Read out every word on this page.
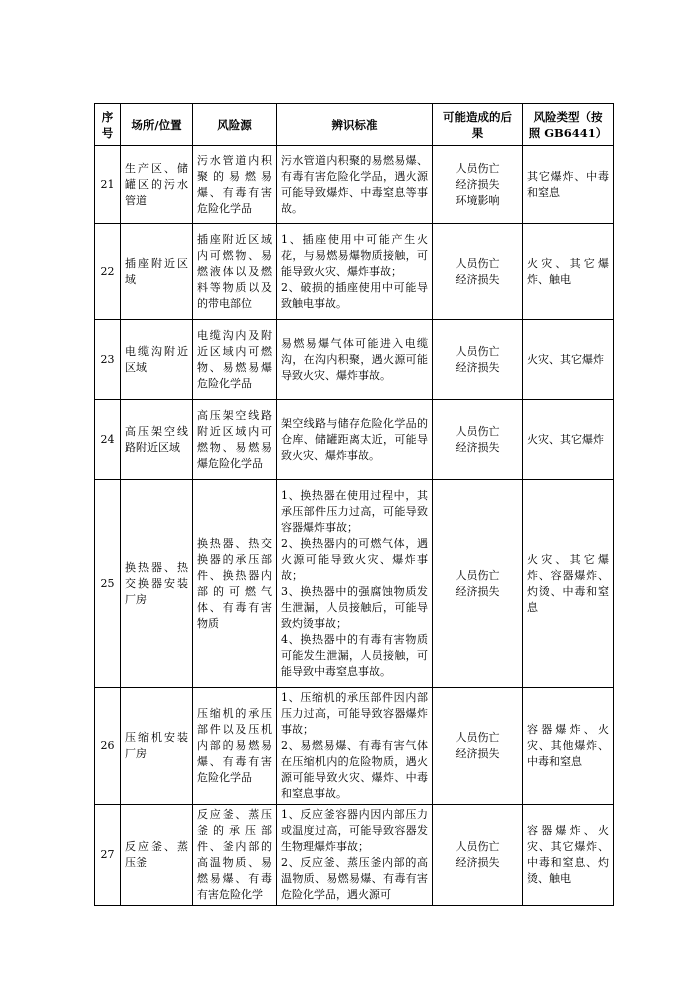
序
号	场所/位置	风险源	辨识标准	可能造成的后
果	风险类型（按
照 GB6441）
21	生产区、储罐区的污水管道	污水管道内积聚的易燃易爆、有毒有害危险化学品	污水管道内积聚的易燃易爆、有毒有害危险化学品，遇火源可能导致爆炸、中毒窒息等事故。	人员伤亡
经济损失
环境影响	其它爆炸、中毒和窒息
22	插座附近区域	插座附近区域内可燃物、易燃液体以及燃料等物质以及的带电部位	1、插座使用中可能产生火花，与易燃易爆物质接触，可能导致火灾、爆炸事故；
2、破损的插座使用中可能导致触电事故。	人员伤亡
经济损失	火灾、其它爆炸、触电
23	电缆沟附近区域	电缆沟内及附近区域内可燃物、易燃易爆危险化学品	易燃易爆气体可能进入电缆沟，在沟内积聚，遇火源可能导致火灾、爆炸事故。	人员伤亡
经济损失	火灾、其它爆炸
24	高压架空线路附近区域	高压架空线路附近区域内可燃物、易燃易爆危险化学品	架空线路与储存危险化学品的仓库、储罐距离太近，可能导致火灾、爆炸事故。	人员伤亡
经济损失	火灾、其它爆炸
25	换热器、热交换器安装厂房	换热器、热交换器的承压部件、换热器内部的可燃气体、有毒有害物质	1、换热器在使用过程中，其承压部件压力过高，可能导致容器爆炸事故；
2、换热器内的可燃气体，遇火源可能导致火灾、爆炸事故；
3、换热器中的强腐蚀物质发生泄漏，人员接触后，可能导致灼烫事故；
4、换热器中的有毒有害物质可能发生泄漏，人员接触，可能导致中毒窒息事故。	人员伤亡
经济损失	火灾、其它爆炸、容器爆炸、灼烫、中毒和窒息
26	压缩机安装厂房	压缩机的承压部件以及压机内部的易燃易爆、有毒有害危险化学品	1、压缩机的承压部件因内部压力过高，可能导致容器爆炸事故；
2、易燃易爆、有毒有害气体在压缩机内的危险物质，遇火源可能导致火灾、爆炸、中毒和窒息事故。	人员伤亡
经济损失	容器爆炸、火灾、其他爆炸、中毒和窒息
27	反应釜、蒸压釜	反应釜、蒸压釜的承压部件、釜内部的高温物质、易燃易爆、有毒有害危险化学	1、反应釜容器内因内部压力或温度过高，可能导致容器发生物理爆炸事故；
2、反应釜、蒸压釜内部的高温物质、易燃易爆、有毒有害危险化学品，遇火源可	人员伤亡
经济损失	容器爆炸、火灾、其它爆炸、中毒和窒息、灼烫、触电
